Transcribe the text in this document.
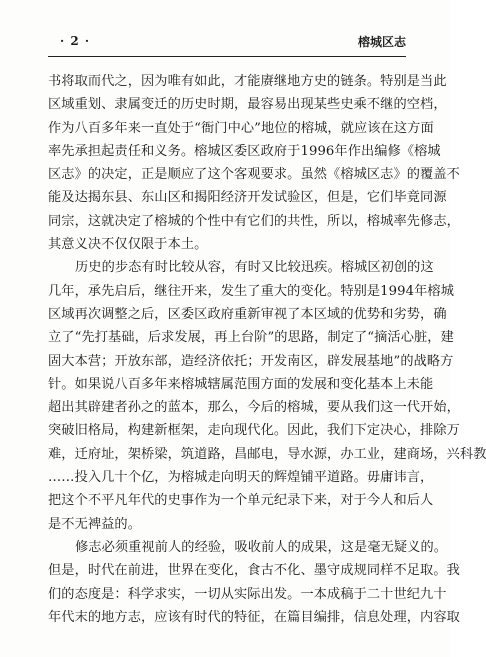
· 2 ·	榕城区志
书将取而代之，因为唯有如此，才能赓继地方史的链条。特别是当此
区域重划、隶属变迁的历史时期，最容易出现某些史乘不继的空档，
作为八百多年来一直处于“衙门中心”地位的榕城，就应该在这方面
率先承担起责任和义务。榕城区委区政府于1996年作出编修《榕城
区志》的决定，正是顺应了这个客观要求。虽然《榕城区志》的覆盖不
能及达揭东县、东山区和揭阳经济开发试验区，但是，它们毕竟同源
同宗，这就决定了榕城的个性中有它们的共性，所以，榕城率先修志，
其意义决不仅仅限于本土。
历史的步态有时比较从容，有时又比较迅疾。榕城区初创的这
几年，承先启后，继往开来，发生了重大的变化。特别是1994年榕城
区域再次调整之后，区委区政府重新审视了本区域的优势和劣势，确
立了“先打基础，后求发展，再上台阶”的思路，制定了“摘活心脏，建
固大本营；开放东部，造经济依托；开发南区，辟发展基地”的战略方
针。如果说八百多年来榕城辖属范围方面的发展和变化基本上未能
超出其辟建者孙之的蓝本，那么，今后的榕城，要从我们这一代开始，
突破旧格局，构建新框架，走向现代化。因此，我们下定决心，排除万
难，迁府址，架桥梁，筑道路，昌邮电，导水源，办工业，建商场，兴科教
……投入几十个亿，为榕城走向明天的辉煌铺平道路。毋庸讳言，
把这个不平凡年代的史事作为一个单元纪录下来，对于今人和后人
是不无裨益的。
修志必须重视前人的经验，吸收前人的成果，这是毫无疑义的。
但是，时代在前进，世界在变化，食古不化、墨守成规同样不足取。我
们的态度是：科学求实，一切从实际出发。一本成稿于二十世纪九十
年代末的地方志，应该有时代的特征，在篇目编排，信息处理，内容取
